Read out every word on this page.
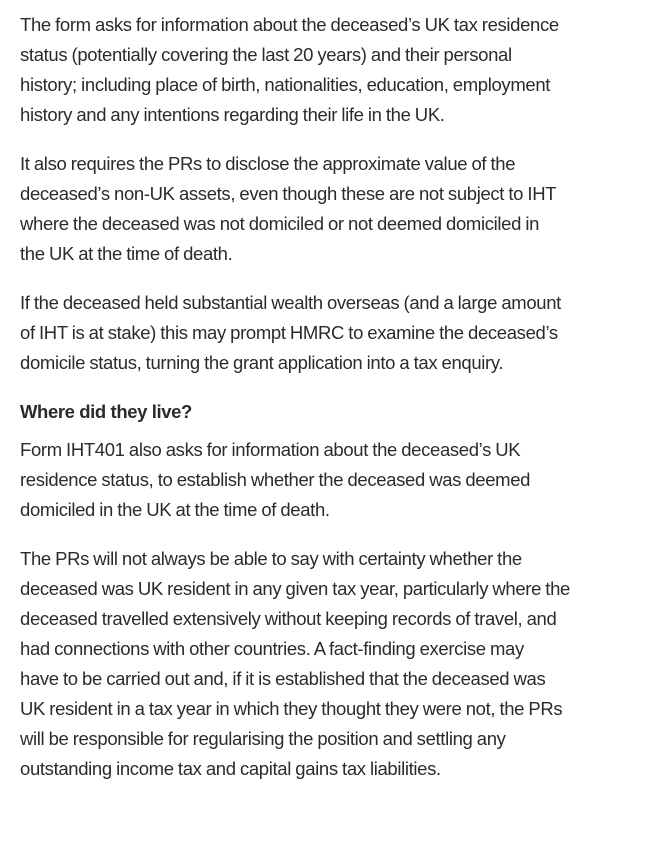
The form asks for information about the deceased’s UK tax residence
status (potentially covering the last 20 years) and their personal
history; including place of birth, nationalities, education, employment
history and any intentions regarding their life in the UK.

It also requires the PRs to disclose the approximate value of the
deceased’s non-UK assets, even though these are not subject to IHT
where the deceased was not domiciled or not deemed domiciled in
the UK at the time of death.

If the deceased held substantial wealth overseas (and a large amount
of IHT is at stake) this may prompt HMRC to examine the deceased’s
domicile status, turning the grant application into a tax enquiry.

Where did they live?

Form IHT401 also asks for information about the deceased’s UK
residence status, to establish whether the deceased was deemed
domiciled in the UK at the time of death.

The PRs will not always be able to say with certainty whether the
deceased was UK resident in any given tax year, particularly where the
deceased travelled extensively without keeping records of travel, and
had connections with other countries. A fact-finding exercise may
have to be carried out and, if it is established that the deceased was
UK resident in a tax year in which they thought they were not, the PRs
will be responsible for regularising the position and settling any
outstanding income tax and capital gains tax liabilities.
